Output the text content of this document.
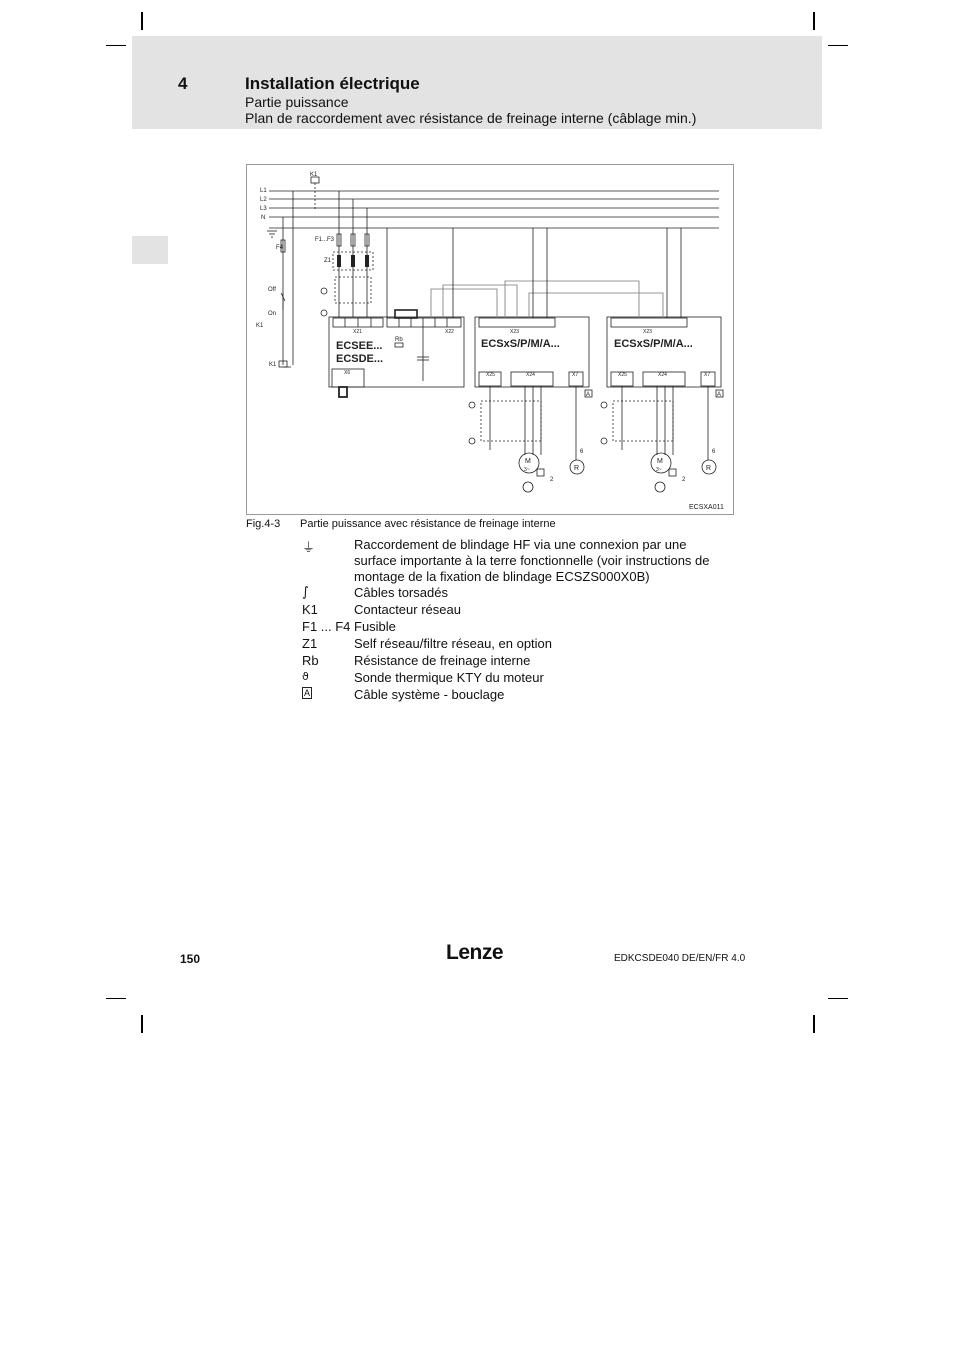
4	Installation électrique
Partie puissance
Plan de raccordement avec résistance de freinage interne (câblage min.)
K1
L1
L2
L3
N
F4
Off
On
K1
K1
F1...F3
Z1
X21	X22
ECSEE...
ECSDE...
Rb
X6
X23
ECSxS/P/M/A...
X25	X24	X7
X23
ECSxS/P/M/A...
X25	X24	X7
M
3~	R
A
6
2
M
3~	R
A
6
2
ECSXA011
Fig.4-3 Partie puissance avec résistance de freinage interne
⏚	Raccordement de blindage HF via une connexion par une surface importante à la terre fonctionnelle (voir instructions de montage de la fixation de blindage ECSZS000X0B)
∫	Câbles torsadés
K1	Contacteur réseau
F1 ... F4 Fusible
Z1	Self réseau/filtre réseau, en option
Rb	Résistance de freinage interne
ϑ	Sonde thermique KTY du moteur
A	Câble système - bouclage
150	Lenze	EDKCSDE040 DE/EN/FR 4.0
